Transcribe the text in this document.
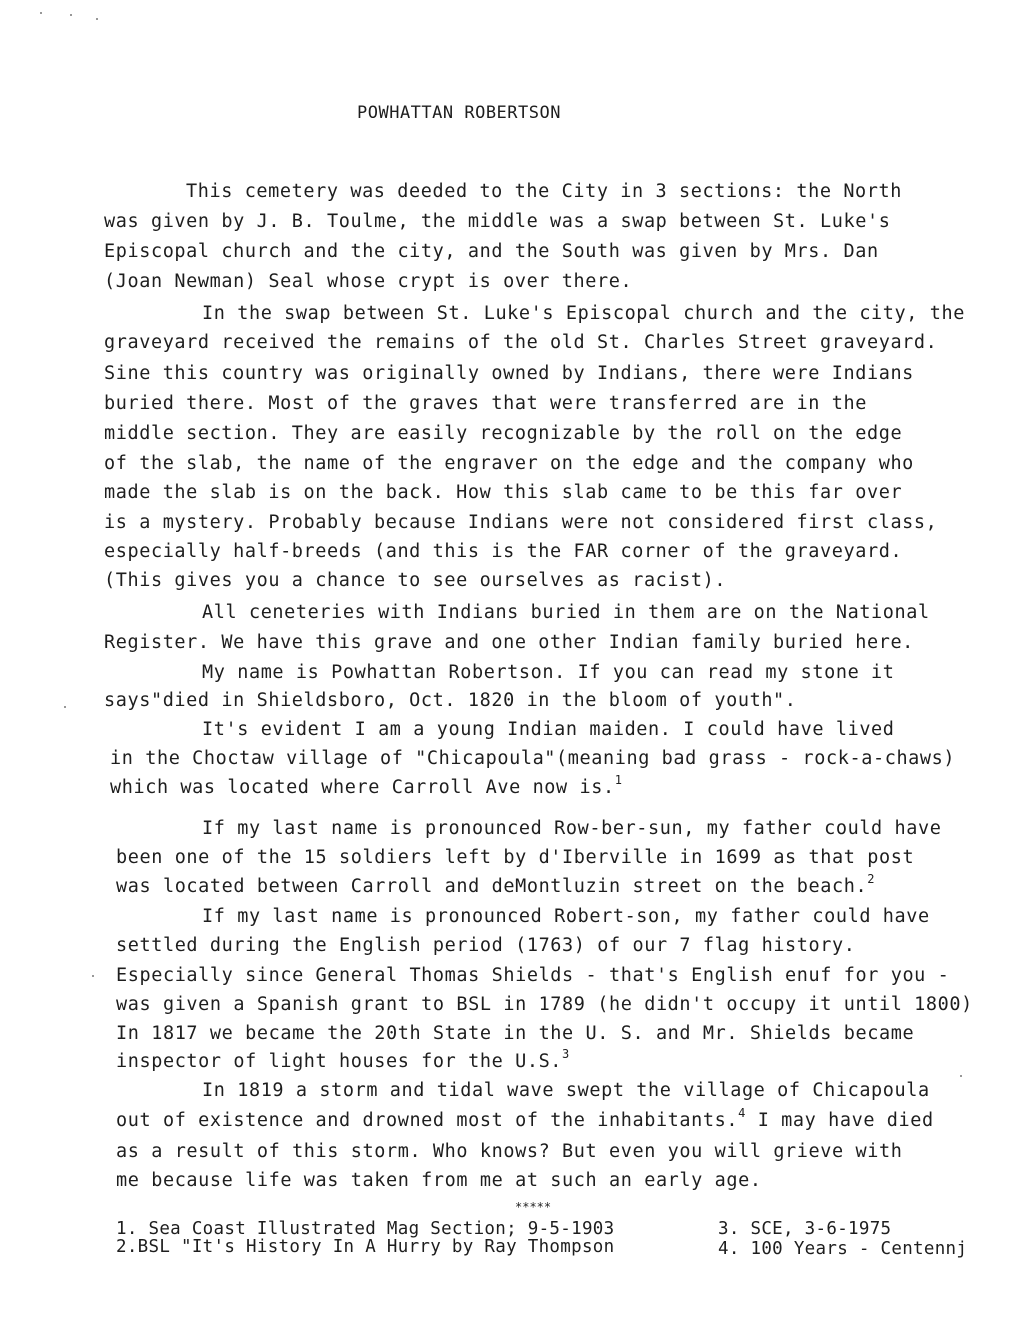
POWHATTAN ROBERTSON
This cemetery was deeded to the City in 3 sections: the North
was given by J. B. Toulme, the middle was a swap between St. Luke's
Episcopal church and the city, and the South was given by Mrs. Dan
(Joan Newman) Seal whose crypt is over there.
In the swap between St. Luke's Episcopal church and the city, the
graveyard received the remains of the old St. Charles Street graveyard.
Sine this country was originally owned by Indians, there were Indians
buried there. Most of the graves that were transferred are in the
middle section. They are easily recognizable by the roll on the edge
of the slab, the name of the engraver on the edge and the company who
made the slab is on the back. How this slab came to be this far over
is a mystery. Probably because Indians were not considered first class,
especially half-breeds (and this is the FAR corner of the graveyard.
(This gives you a chance to see ourselves as racist).
All ceneteries with Indians buried in them are on the National
Register. We have this grave and one other Indian family buried here.
My name is Powhattan Robertson. If you can read my stone it
says"died in Shieldsboro, Oct. 1820 in the bloom of youth".
It's evident I am a young Indian maiden. I could have lived
in the Choctaw village of "Chicapoula"(meaning bad grass - rock-a-chaws)
which was located where Carroll Ave now is.$^1$
If my last name is pronounced Row-ber-sun, my father could have
been one of the 15 soldiers left by d'Iberville in 1699 as that post
was located between Carroll and deMontluzin street on the beach.$^2$
If my last name is pronounced Robert-son, my father could have
settled during the English period (1763) of our 7 flag history.
Especially since General Thomas Shields - that's English enuf for you -
was given a Spanish grant to BSL in 1789 (he didn't occupy it until 1800)
In 1817 we became the 20th State in the U. S. and Mr. Shields became
inspector of light houses for the U.S.$^3$
In 1819 a storm and tidal wave swept the village of Chicapoula
out of existence and drowned most of the inhabitants.$^4$ I may have died
as a result of this storm. Who knows? But even you will grieve with
me because life was taken from me at such an early age.
*****
1. Sea Coast Illustrated Mag Section; 9-5-1903
2.BSL "It's History In A Hurry by Ray Thompson
3. SCE, 3-6-1975
4. 100 Years - Centennj
